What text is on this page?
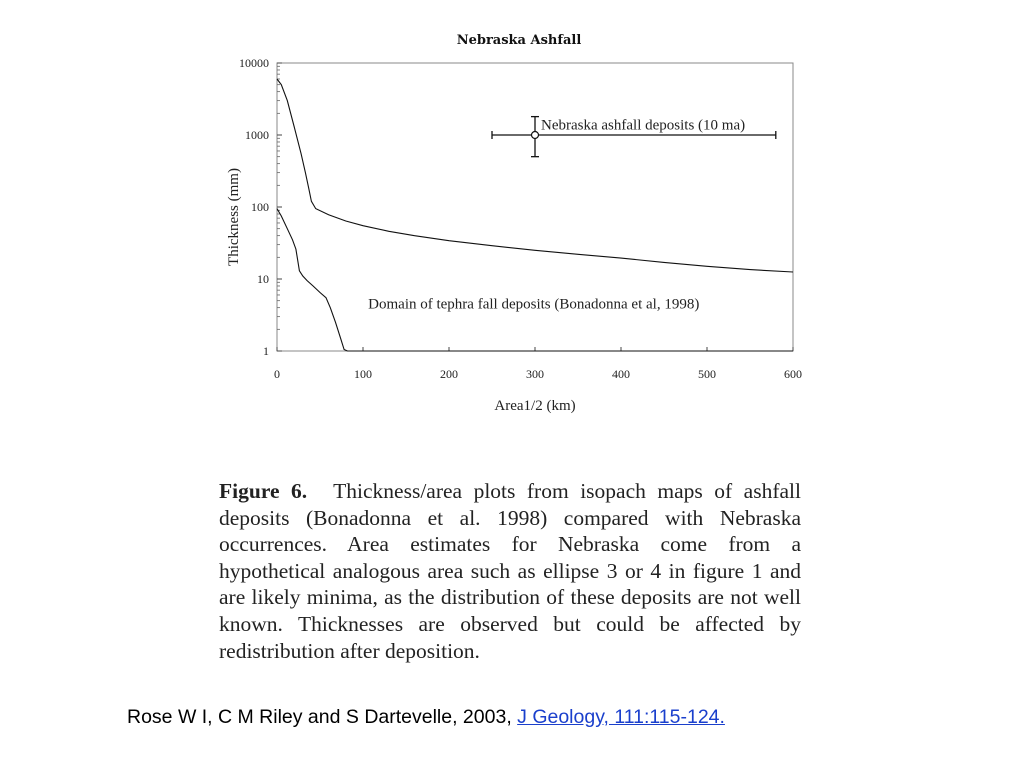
Nebraska Ashfall
0	100	200	300	400	500	600
1
10
100
1000
10000
Nebraska ashfall deposits (10 ma)
Domain of tephra fall deposits (Bonadonna et al, 1998)
Area1/2 (km)
Thickness (mm)

Figure 6. Thickness/area plots from isopach maps of ashfall deposits (Bonadonna et al. 1998) compared with Nebraska occurrences. Area estimates for Nebraska come from a hypothetical analogous area such as ellipse 3 or 4 in figure 1 and are likely minima, as the distribution of these deposits are not well known. Thicknesses are observed but could be affected by redistribution after deposition.

Rose W I, C M Riley and S Dartevelle, 2003, J Geology, 111:115-124.
